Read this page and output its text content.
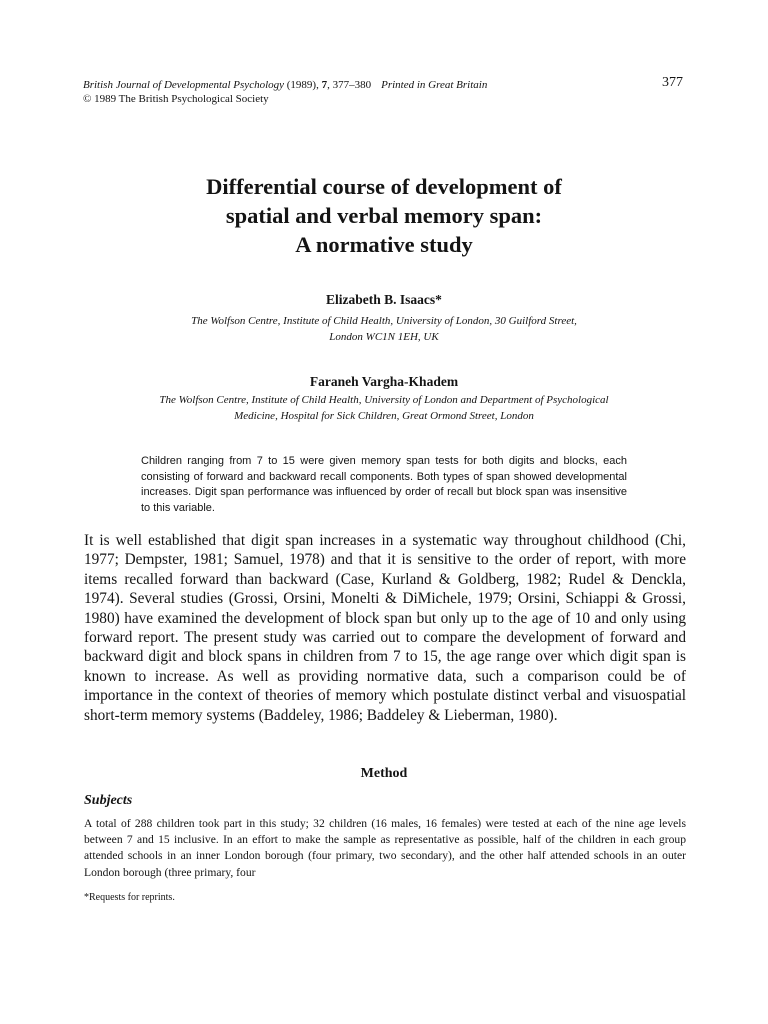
British Journal of Developmental Psychology (1989), 7, 377–380 Printed in Great Britain	377
© 1989 The British Psychological Society
Differential course of development of
spatial and verbal memory span:
A normative study
Elizabeth B. Isaacs*
The Wolfson Centre, Institute of Child Health, University of London, 30 Guilford Street,
London WC1N 1EH, UK
Faraneh Vargha-Khadem
The Wolfson Centre, Institute of Child Health, University of London and Department of Psychological
Medicine, Hospital for Sick Children, Great Ormond Street, London

Children ranging from 7 to 15 were given memory span tests for both digits and blocks, each consisting of forward and backward recall components. Both types of span showed developmental increases. Digit span performance was influenced by order of recall but block span was insensitive to this variable.

It is well established that digit span increases in a systematic way throughout childhood (Chi, 1977; Dempster, 1981; Samuel, 1978) and that it is sensitive to the order of report, with more items recalled forward than backward (Case, Kurland & Goldberg, 1982; Rudel & Denckla, 1974). Several studies (Grossi, Orsini, Monelti & DiMichele, 1979; Orsini, Schiappi & Grossi, 1980) have examined the development of block span but only up to the age of 10 and only using forward report. The present study was carried out to compare the development of forward and backward digit and block spans in children from 7 to 15, the age range over which digit span is known to increase. As well as providing normative data, such a comparison could be of importance in the context of theories of memory which postulate distinct verbal and visuospatial short-term memory systems (Baddeley, 1986; Baddeley & Lieberman, 1980).

Method
Subjects

A total of 288 children took part in this study; 32 children (16 males, 16 females) were tested at each of the nine age levels between 7 and 15 inclusive. In an effort to make the sample as representative as possible, half of the children in each group attended schools in an inner London borough (four primary, two secondary), and the other half attended schools in an outer London borough (three primary, four

*Requests for reprints.
